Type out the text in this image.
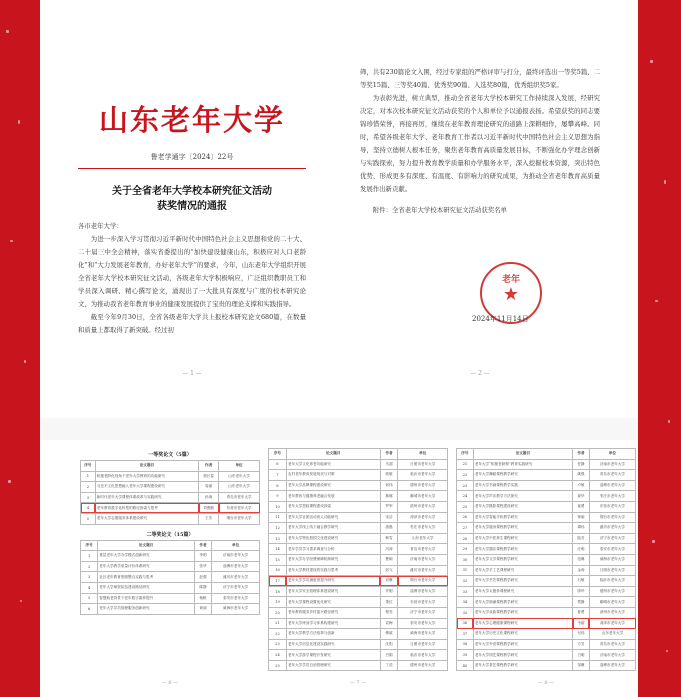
山东老年大学
鲁老学通字〔2024〕22号
关于全省老年大学校本研究征文活动
获奖情况的通报
各市老年大学：

为进一步深入学习贯彻习近平新时代中国特色社会主义思想和党的二十大、二十届三中全会精神，落实省委提出的“加快建设健康山东，积极应对人口老龄化”和“大力发展老年教育，办好老年大学”的要求，今年，山东老年大学组织开展全省老年大学校本研究征文活动，各级老年大学积极响应，广泛组织教职员工和学员深入调研、精心撰写论文，涌现出了一大批具有深度与广度的校本研究论文，为推动我省老年教育事业的健康发展提供了宝贵的理论支撑和实践指导。

截至今年9月30日，全省各级老年大学共上报校本研究论文680篇，在数量和质量上都取得了新突破。经过初

— 1 —

筛，共有230篇论文入围，经过专家组的严格评审与打分，最终评选出一等奖5篇、二等奖15篇、三等奖40篇、优秀奖90篇、入选奖80篇，优秀组织奖5家。

为表彰先进，树立典型，推动全省老年大学校本研究工作持续深入发展，经研究决定，对本次校本研究征文活动获奖的个人和单位予以通报表扬。希望获奖的同志要锦珍惜荣誉，再接再厉，继续在老年教育理论研究的道路上深耕细作，屡攀高峰。同时，希望各级老年大学、老年教育工作者以习近平新时代中国特色社会主义思想为指导，坚持立德树人根本任务，聚焦老年教育高质量发展目标，不断强化办学理念创新与实践探索，努力提升教育教学质量和办学服务水平，深入挖掘校本资源，突出特色优势，形成更多有深度、有温度、有影响力的研究成果，为推动全省老年教育高质量发展作出新贡献。

附件：全省老年大学校本研究征文活动获奖名单

老年
★
2024年11月14日
— 2 —
一等奖论文（5篇）
序号	论文题目	作者	单位
1	积极老龄化视角下老年大学教育的功能研究	邢长春	山东老年大学
2	习近平文化思想融入老年大学课程建设研究	周丽	山东老年大学
3	新时代老年大学课程体系改革与实践研究	孙涛	青岛市老年大学
4	老年教育数字化转型的路径探索与思考	刘俊敏	东营市老年大学
5	老年大学志愿服务体系建设研究	王芳	烟台市老年大学
二等奖论文（15篇）
序号	论文题目	作者	单位
1	基层老年大学办学模式创新研究	李明	济南市老年大学
2	老年大学教学质量评价体系研究	张华	淄博市老年大学
3	社区老年教育资源整合实践与思考	赵强	潍坊市老年大学
4	老年大学师资队伍建设路径研究	陈静	济宁市老年大学
5	智慧助老背景下老年数字素养提升	杨帆	泰安市老年大学
6	老年大学学员管理服务创新研究	黄丽	威海市老年大学
— 6 —
序号	论文题目	作者	单位
6	老年大学文化养老功能研究	马超	日照市老年大学
7	农村老年教育发展现状与对策	郭敏	临沂市老年大学
8	老年大学品牌课程建设研究	何伟	德州市老年大学
9	老年教育与健康养老融合发展	林娜	聊城市老年大学
10	老年大学思政课程建设探索	罗军	滨州市老年大学
11	老年大学社团活动育人功能研究	宋洁	菏泽市老年大学
12	老年大学线上线下融合教学研究	唐磊	枣庄市老年大学
13	老年大学特色校园文化建设研究	韩雪	山东老年大学
14	老年学员学习需求调查与分析	冯涛	青岛市老年大学
15	老年大学办学经费保障机制研究	曹颖	济南市老年大学
16	老年大学教材建设的实践与思考	彭飞	潍坊市老年大学
17	老年大学学员满意度提升研究	邓琳	烟台市老年大学
18	老年大学安全管理体系建设研究	许刚	淄博市老年大学
19	老年大学课程设置优化研究	萧红	东营市老年大学
20	老年教育服务乡村振兴路径研究	程亮	济宁市老年大学
21	老年大学终身学习体系构建研究	袁梅	泰安市老年大学
22	老年大学教学方法改革与创新	傅斌	威海市老年大学
23	老年大学信息化建设实践研究	沈阳	日照市老年大学
24	老年大学游学课程开发研究	吕娟	临沂市老年大学
25	老年大学学员自治管理研究	丁浩	德州市老年大学
— 7 —
序号	论文题目	作者	单位
21	老年大学“积极老龄观”教育实践研究	任静	济南市老年大学
22	老年大学舞蹈课程教学研究	姚强	青岛市老年大学
23	老年大学书画课程教学实践	卢敏	淄博市老年大学
24	老年大学声乐教学方法探究	姜华	枣庄市老年大学
25	老年大学摄影课程建设研究	崔勇	东营市老年大学
26	老年大学智能手机教学研究	钟丽	烟台市老年大学
27	老年大学健身课程教学研究	谭伟	潍坊市老年大学
28	老年大学中医养生课程研究	陆芳	济宁市老年大学
29	老年大学器乐课程教学研究	汪明	泰安市老年大学
30	老年大学文学课程教学研究	范琳	威海市老年大学
31	老年大学手工艺课程研究	金涛	日照市老年大学
32	老年大学烹饪课程教学研究	石敏	临沂市老年大学
33	老年大学太极拳课程研究	廖华	德州市老年大学
34	老年大学朗诵课程教学研究	贾静	聊城市老年大学
35	老年大学戏曲课程教学研究	夏勇	滨州市老年大学
36	老年大学心理健康课程研究	韦丽	菏泽市老年大学
37	老年大学历史文化课程研究	付伟	山东老年大学
38	老年大学外语课程教学研究	方芳	青岛市老年大学
39	老年大学园艺课程教学研究	白明	济南市老年大学
40	老年大学茶艺课程教学研究	邹琳	淄博市老年大学
— 8 —
